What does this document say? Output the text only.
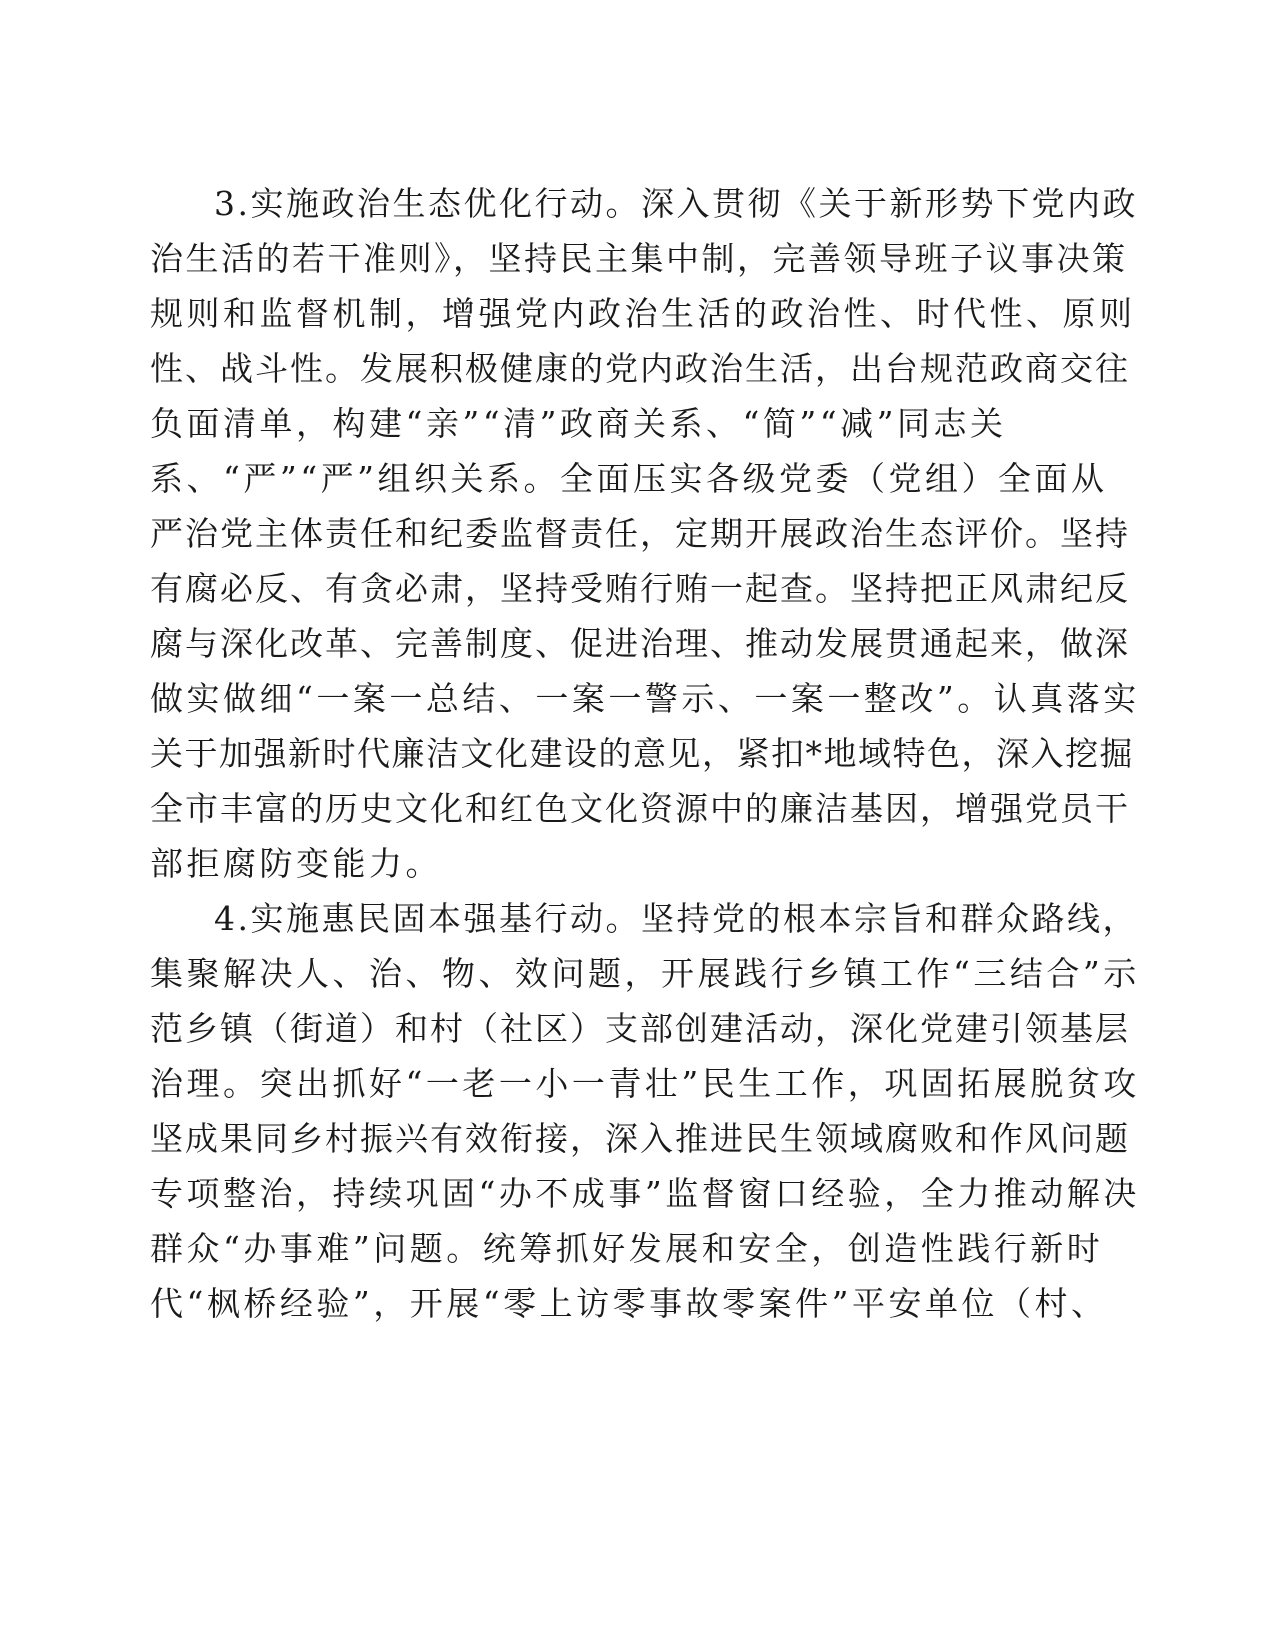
3.实施政治生态优化行动。深入贯彻《关于新形势下党内政

治生活的若干准则》，坚持民主集中制，完善领导班子议事决策

规则和监督机制，增强党内政治生活的政治性、时代性、原则

性、战斗性。发展积极健康的党内政治生活，出台规范政商交往

负面清单，构建“亲”“清”政商关系、“简”“减”同志关

系、“严”“严”组织关系。全面压实各级党委（党组）全面从

严治党主体责任和纪委监督责任，定期开展政治生态评价。坚持

有腐必反、有贪必肃，坚持受贿行贿一起查。坚持把正风肃纪反

腐与深化改革、完善制度、促进治理、推动发展贯通起来，做深

做实做细“一案一总结、一案一警示、一案一整改”。认真落实

关于加强新时代廉洁文化建设的意见，紧扣*地域特色，深入挖掘

全市丰富的历史文化和红色文化资源中的廉洁基因，增强党员干

部拒腐防变能力。

4.实施惠民固本强基行动。坚持党的根本宗旨和群众路线，

集聚解决人、治、物、效问题，开展践行乡镇工作“三结合”示

范乡镇（街道）和村（社区）支部创建活动，深化党建引领基层

治理。突出抓好“一老一小一青壮”民生工作，巩固拓展脱贫攻

坚成果同乡村振兴有效衔接，深入推进民生领域腐败和作风问题

专项整治，持续巩固“办不成事”监督窗口经验，全力推动解决

群众“办事难”问题。统筹抓好发展和安全，创造性践行新时

代“枫桥经验”，开展“零上访零事故零案件”平安单位（村、
